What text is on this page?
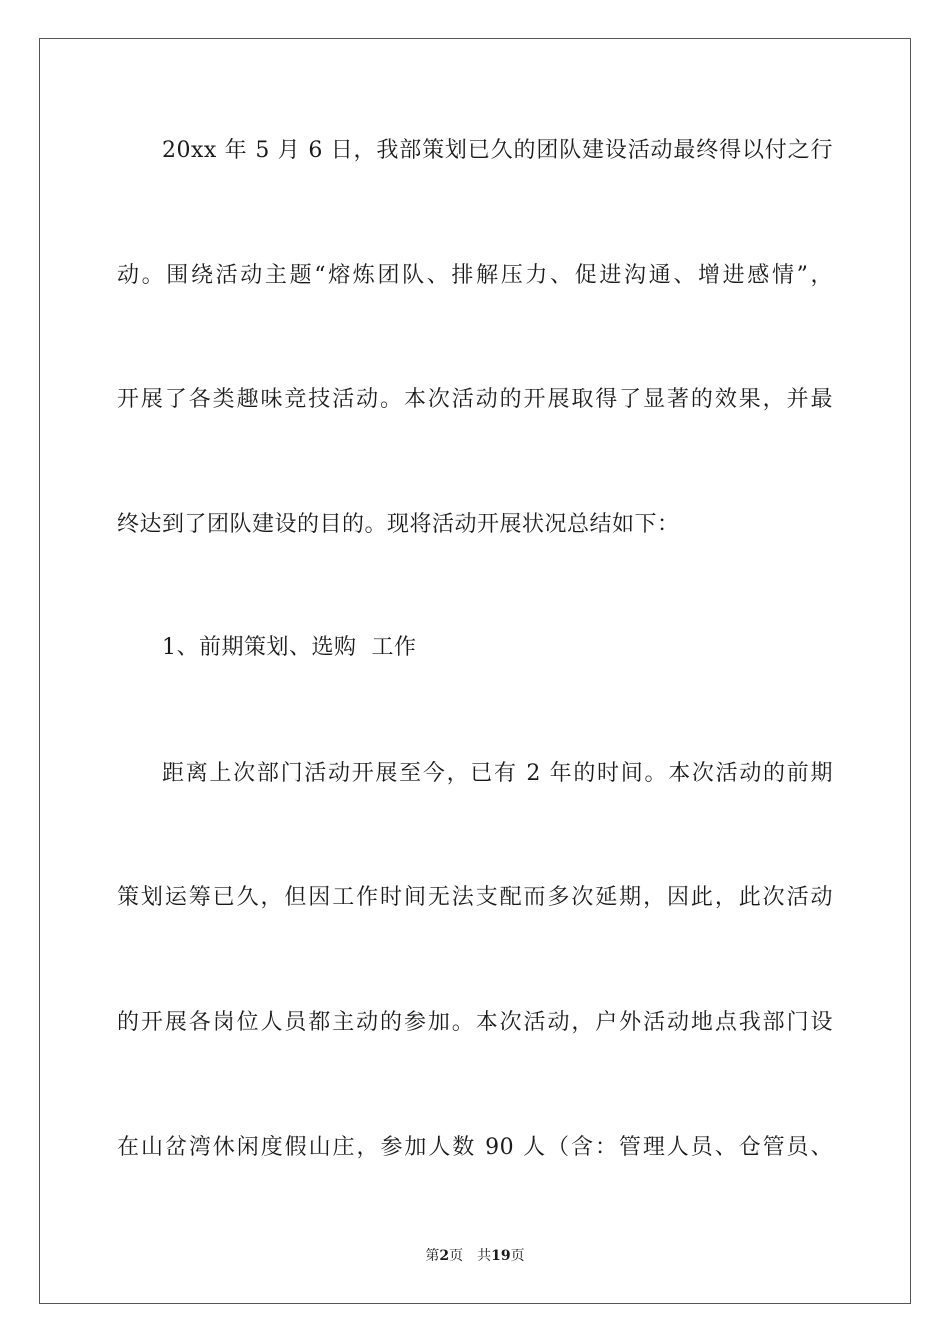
20xx 年 5 月 6 日，我部策划已久的团队建设活动最终得以付之行
动。围绕活动主题“熔炼团队、排解压力、促进沟通、增进感情”，
开展了各类趣味竞技活动。本次活动的开展取得了显著的效果，并最
终达到了团队建设的目的。现将活动开展状况总结如下：
1、前期策划、选购  工作
距离上次部门活动开展至今，已有 2 年的时间。本次活动的前期
策划运筹已久，但因工作时间无法支配而多次延期，因此，此次活动
的开展各岗位人员都主动的参加。本次活动，户外活动地点我部门设
在山岔湾休闲度假山庄，参加人数 90 人（含：管理人员、仓管员、
第2页 共19页
